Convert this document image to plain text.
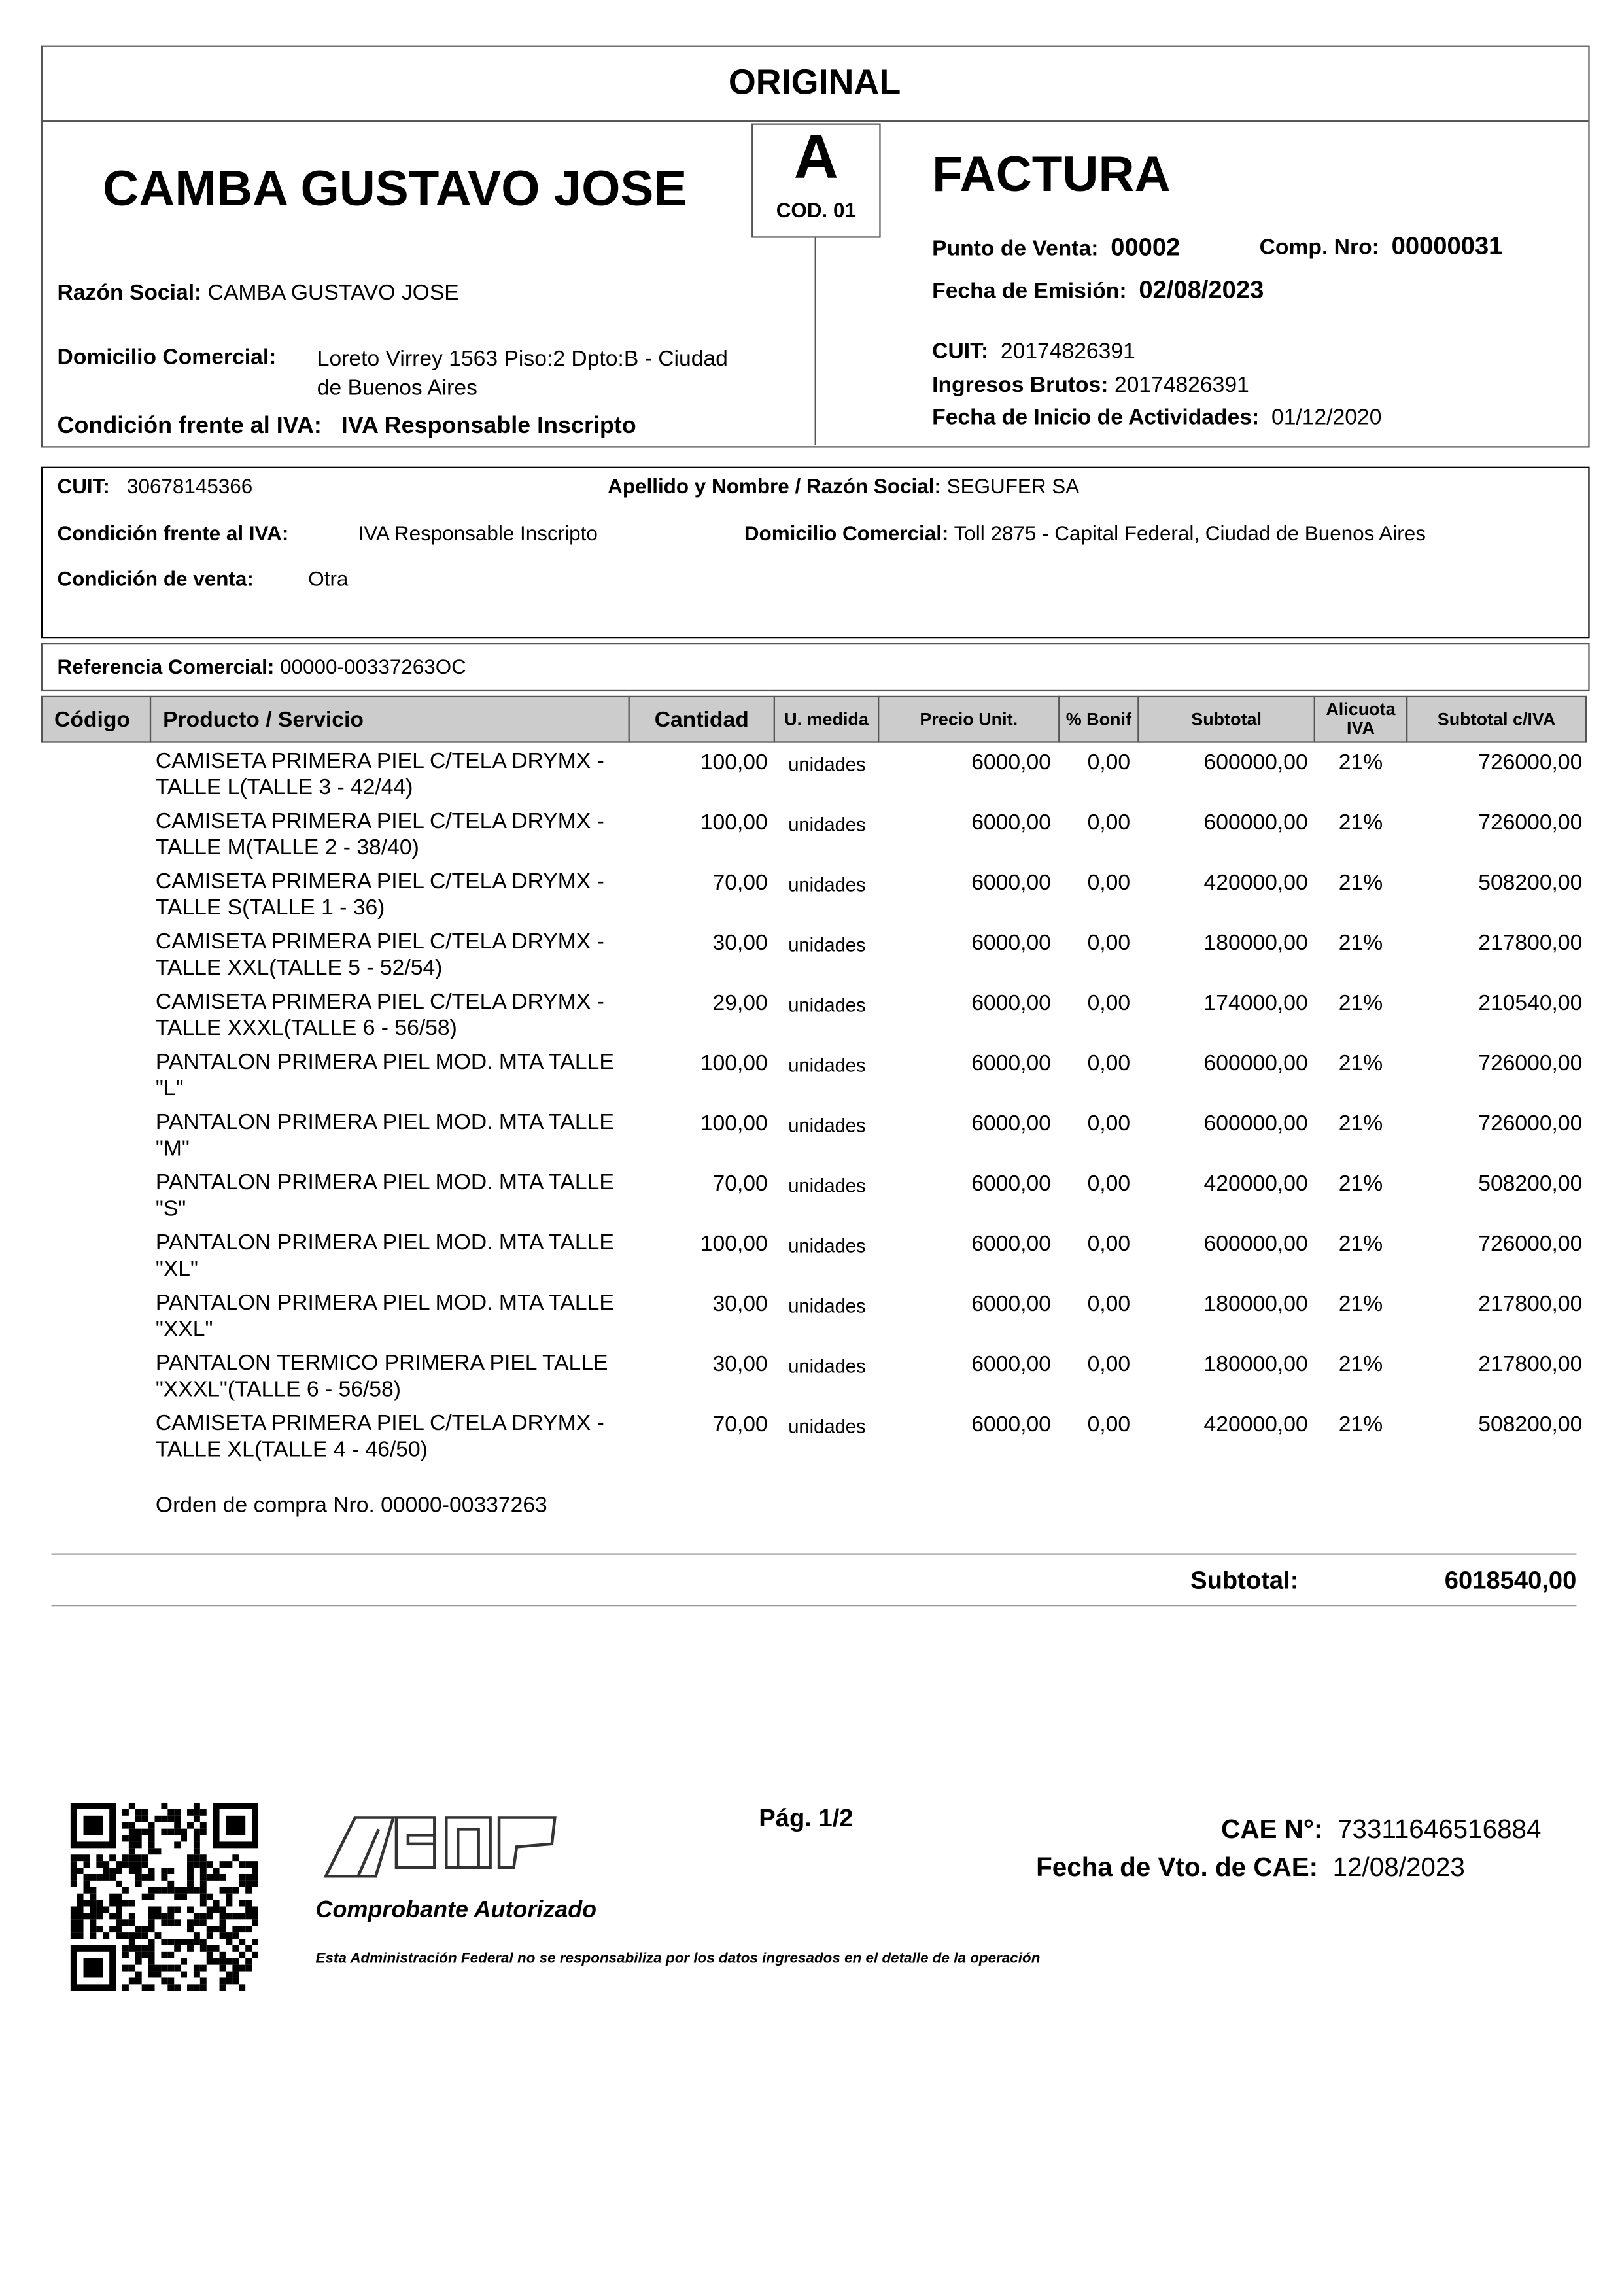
ORIGINAL
CAMBA GUSTAVO JOSE	A
COD. 01
Razón Social: CAMBA GUSTAVO JOSE
Domicilio Comercial:	Loreto Virrey 1563 Piso:2 Dpto:B - Ciudad
de Buenos Aires
Condición frente al IVA: IVA Responsable Inscripto
FACTURA
Punto de Venta: 00002	Comp. Nro: 00000031
Fecha de Emisión: 02/08/2023
CUIT: 20174826391
Ingresos Brutos: 20174826391
Fecha de Inicio de Actividades: 01/12/2020
CUIT: 30678145366	Apellido y Nombre / Razón Social: SEGUFER SA
Condición frente al IVA:	IVA Responsable Inscripto	Domicilio Comercial: Toll 2875 - Capital Federal, Ciudad de Buenos Aires
Condición de venta:	Otra
Referencia Comercial: 00000-00337263OC
Código	Producto / Servicio	Cantidad	U. medida	Precio Unit.	% Bonif	Subtotal	Alicuota IVA	Subtotal c/IVA
CAMISETA PRIMERA PIEL C/TELA DRYMX -
TALLE L(TALLE 3 - 42/44)
100,00 unidades	6000,00	0,00	600000,00	21%	726000,00
CAMISETA PRIMERA PIEL C/TELA DRYMX -
TALLE M(TALLE 2 - 38/40)
100,00 unidades	6000,00	0,00	600000,00	21%	726000,00
CAMISETA PRIMERA PIEL C/TELA DRYMX -
TALLE S(TALLE 1 - 36)
70,00 unidades	6000,00	0,00	420000,00	21%	508200,00
CAMISETA PRIMERA PIEL C/TELA DRYMX -
TALLE XXL(TALLE 5 - 52/54)
30,00 unidades	6000,00	0,00	180000,00	21%	217800,00
CAMISETA PRIMERA PIEL C/TELA DRYMX -
TALLE XXXL(TALLE 6 - 56/58)
29,00 unidades	6000,00	0,00	174000,00	21%	210540,00
PANTALON PRIMERA PIEL MOD. MTA TALLE
"L"
100,00 unidades	6000,00	0,00	600000,00	21%	726000,00
PANTALON PRIMERA PIEL MOD. MTA TALLE
"M"
100,00 unidades	6000,00	0,00	600000,00	21%	726000,00
PANTALON PRIMERA PIEL MOD. MTA TALLE
"S"
70,00 unidades	6000,00	0,00	420000,00	21%	508200,00
PANTALON PRIMERA PIEL MOD. MTA TALLE
"XL"
100,00 unidades	6000,00	0,00	600000,00	21%	726000,00
PANTALON PRIMERA PIEL MOD. MTA TALLE
"XXL"
30,00 unidades	6000,00	0,00	180000,00	21%	217800,00
PANTALON TERMICO PRIMERA PIEL TALLE
"XXXL"(TALLE 6 - 56/58)
30,00 unidades	6000,00	0,00	180000,00	21%	217800,00
CAMISETA PRIMERA PIEL C/TELA DRYMX -
TALLE XL(TALLE 4 - 46/50)
70,00 unidades	6000,00	0,00	420000,00	21%	508200,00
Orden de compra Nro. 00000-00337263
Subtotal:	6018540,00
Pág. 1/2	CAE N°: 73311646516884
Fecha de Vto. de CAE: 12/08/2023
Comprobante Autorizado
Esta Administración Federal no se responsabiliza por los datos ingresados en el detalle de la operación
